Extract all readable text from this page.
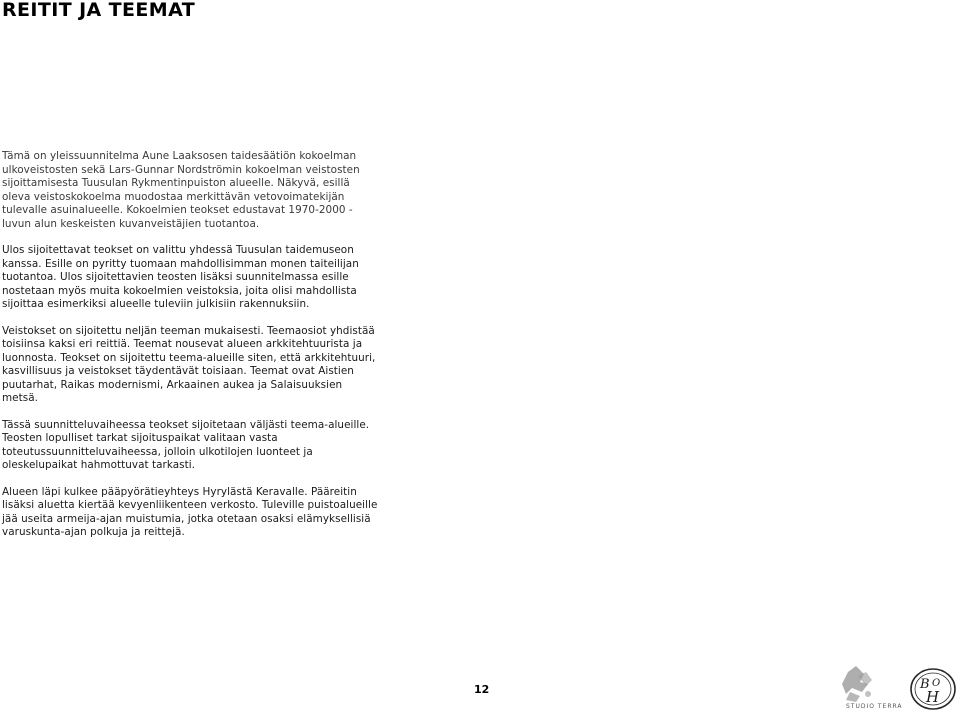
REITIT JA TEEMAT

Tämä on yleissuunnitelma Aune Laaksosen taidesäätiön kokoelman ulkoveistosten sekä Lars-Gunnar Nordströmin kokoelman veistosten sijoittamisesta Tuusulan Rykmentinpuiston alueelle. Näkyvä, esillä oleva veistoskokoelma muodostaa merkittävän vetovoimatekijän tulevalle asuinalueelle. Kokoelmien teokset edustavat 1970-2000 -luvun alun keskeisten kuvanveistäjien tuotantoa.

Ulos sijoitettavat teokset on valittu yhdessä Tuusulan taidemuseon kanssa. Esille on pyritty tuomaan mahdollisimman monen taiteilijan tuotantoa. Ulos sijoitettavien teosten lisäksi suunnitelmassa esille nostetaan myös muita kokoelmien veistoksia, joita olisi mahdollista sijoittaa esimerkiksi alueelle tuleviin julkisiin rakennuksiin.

Veistokset on sijoitettu neljän teeman mukaisesti. Teemaosiot yhdistää toisiinsa kaksi eri reittiä. Teemat nousevat alueen arkkitehtuurista ja luonnosta. Teokset on sijoitettu teema-alueille siten, että arkkitehtuuri, kasvillisuus ja veistokset täydentävät toisiaan. Teemat ovat Aistien puutarhat, Raikas modernismi, Arkaainen aukea ja Salaisuuksien metsä.

Tässä suunnitteluvaiheessa teokset sijoitetaan väljästi teema-alueille. Teosten lopulliset tarkat sijoituspaikat valitaan vasta toteutussuunnitteluvaiheessa, jolloin ulkotilojen luonteet ja oleskelupaikat hahmottuvat tarkasti.

Alueen läpi kulkee pääpyörätieyhteys Hyrylästä Keravalle. Pääreitin lisäksi aluetta kiertää kevyenliikenteen verkosto. Tuleville puistoalueille jää useita armeija-ajan muistumia, jotka otetaan osaksi elämyksellisiä varuskunta-ajan polkuja ja reittejä.

12
STUDIO TERRA
B O
H
